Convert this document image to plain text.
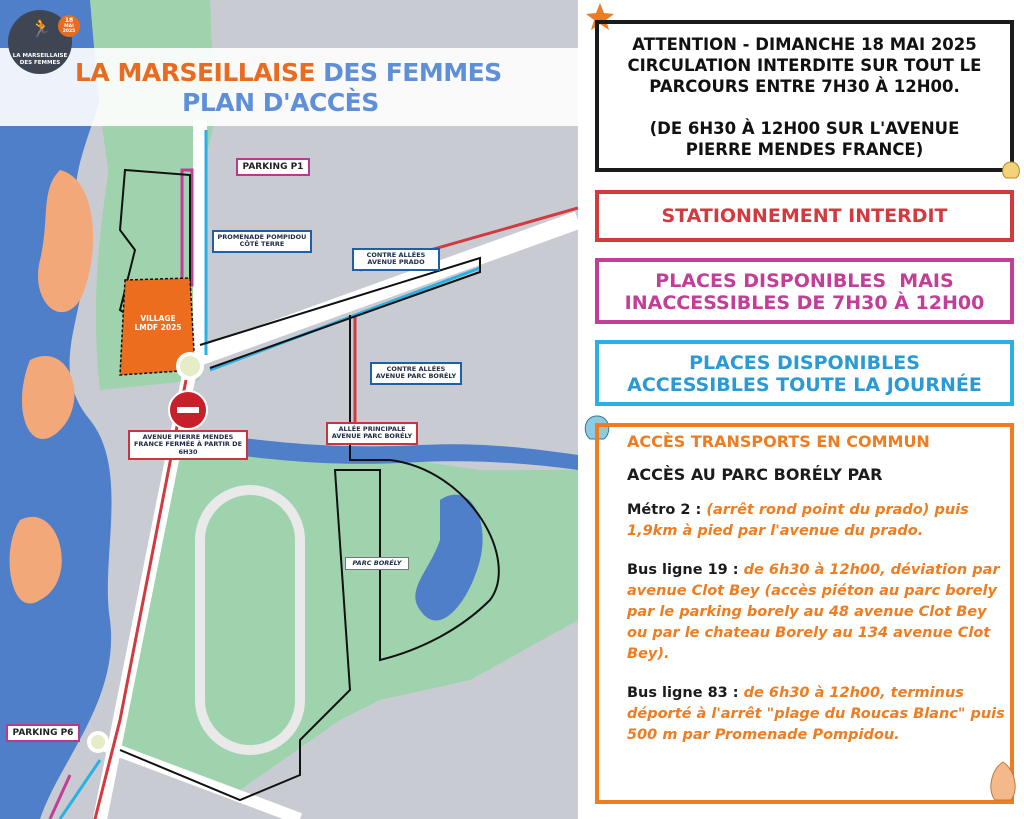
PARKING P1
PARKING P6
PROMENADE POMPIDOU CÔTÉ TERRE
CONTRE ALLÉES AVENUE PRADO
CONTRE ALLÉES AVENUE PARC BORÉLY
ALLÉE PRINCIPALE AVENUE PARC BORÉLY
AVENUE PIERRE MENDES FRANCE FERMÉE À PARTIR DE 6H30
VILLAGE LMDF 2025
PARC BORÉLY
LA MARSEILLAISE DES FEMMES
PLAN D'ACCÈS
🏃
LA MARSEILLAISE DES FEMMES
18
MAI
2025
ATTENTION - DIMANCHE 18 MAI 2025
CIRCULATION INTERDITE SUR TOUT LE
PARCOURS ENTRE 7H30 À 12H00.
(DE 6H30 À 12H00 SUR L'AVENUE
PIERRE MENDES FRANCE)
STATIONNEMENT INTERDIT
PLACES DISPONIBLES  MAIS
INACCESSIBLES DE 7H30 À 12H00
PLACES DISPONIBLES
ACCESSIBLES TOUTE LA JOURNÉE
ACCÈS TRANSPORTS EN COMMUN
ACCÈS AU PARC BORÉLY PAR
Métro 2 : (arrêt rond point du prado) puis 1,9km à pied par l'avenue du prado.
Bus ligne 19 : de 6h30 à 12h00, déviation par avenue Clot Bey (accès piéton au parc borely par le parking borely au 48 avenue Clot Bey ou par le chateau Borely au 134 avenue Clot Bey).
Bus ligne 83 : de 6h30 à 12h00, terminus déporté à l'arrêt "plage du Roucas Blanc" puis 500 m par Promenade Pompidou.
